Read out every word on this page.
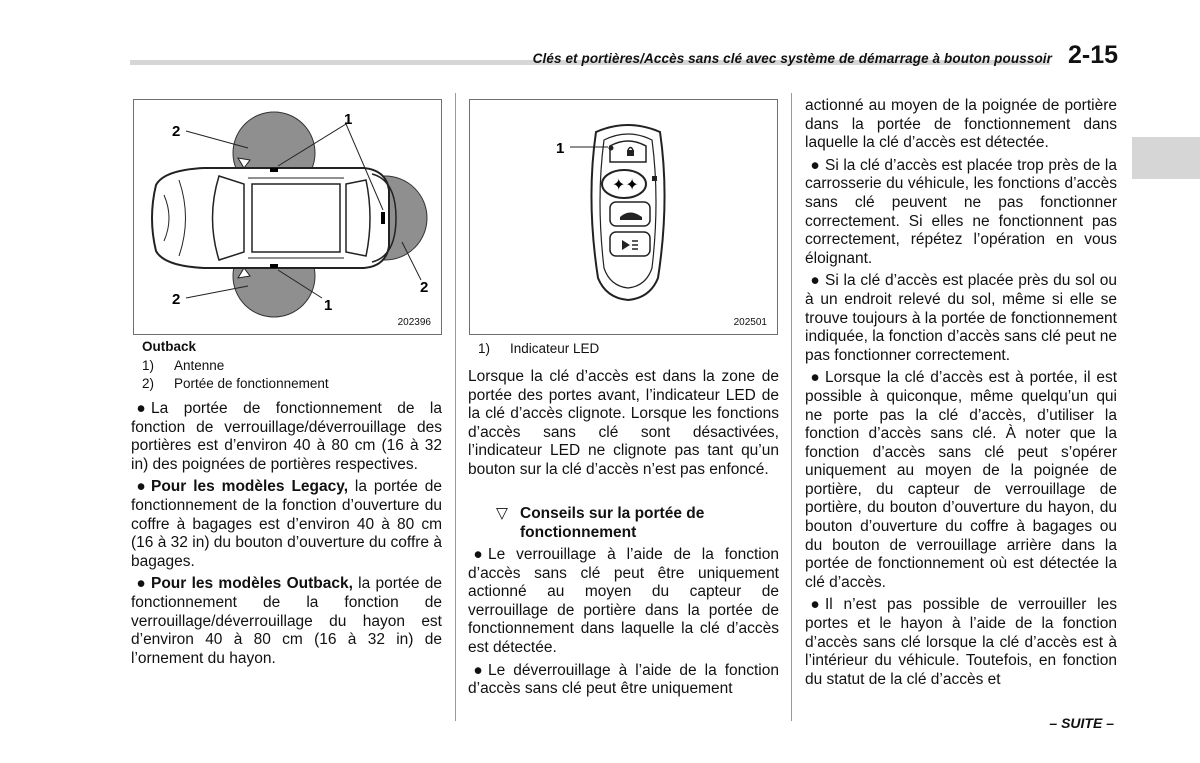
Clés et portières/Accès sans clé avec système de démarrage à bouton poussoir 2-15
1
1
2
2
2
202396
Outback
1) Antenne
2) Portée de fonctionnement
✦✦
1
202501
1) Indicateur LED

● La portée de fonctionnement de la fonction de verrouillage/déverrouillage des portières est d’environ 40 à 80 cm (16 à 32 in) des poignées de portières respectives.

● Pour les modèles Legacy, la portée de fonctionnement de la fonction d’ouverture du coffre à bagages est d’environ 40 à 80 cm (16 à 32 in) du bouton d’ouverture du coffre à bagages.

● Pour les modèles Outback, la portée de fonctionnement de la fonction de verrouillage/déverrouillage du hayon est d’environ 40 à 80 cm (16 à 32 in) de l’ornement du hayon.

Lorsque la clé d’accès est dans la zone de portée des portes avant, l’indicateur LED de la clé d’accès clignote. Lorsque les fonctions d’accès sans clé sont désactivées, l’indicateur LED ne clignote pas tant qu’un bouton sur la clé d’accès n’est pas enfoncé.

▽ Conseils sur la portée de fonctionnement

● Le verrouillage à l’aide de la fonction d’accès sans clé peut être uniquement actionné au moyen du capteur de verrouillage de portière dans la portée de fonctionnement dans laquelle la clé d’accès est détectée.

● Le déverrouillage à l’aide de la fonction d’accès sans clé peut être uniquement

actionné au moyen de la poignée de portière dans la portée de fonctionnement dans laquelle la clé d’accès est détectée.

● Si la clé d’accès est placée trop près de la carrosserie du véhicule, les fonctions d’accès sans clé peuvent ne pas fonctionner correctement. Si elles ne fonctionnent pas correctement, répétez l’opération en vous éloignant.

● Si la clé d’accès est placée près du sol ou à un endroit relevé du sol, même si elle se trouve toujours à la portée de fonctionnement indiquée, la fonction d’accès sans clé peut ne pas fonctionner correctement.

● Lorsque la clé d’accès est à portée, il est possible à quiconque, même quelqu’un qui ne porte pas la clé d’accès, d’utiliser la fonction d’accès sans clé. À noter que la fonction d’accès sans clé peut s’opérer uniquement au moyen de la poignée de portière, du capteur de verrouillage de portière, du bouton d’ouverture du hayon, du bouton d’ouverture du coffre à bagages ou du bouton de verrouillage arrière dans la portée de fonctionnement où est détectée la clé d’accès.

● Il n’est pas possible de verrouiller les portes et le hayon à l’aide de la fonction d’accès sans clé lorsque la clé d’accès est à l’intérieur du véhicule. Toutefois, en fonction du statut de la clé d’accès et

– SUITE –
